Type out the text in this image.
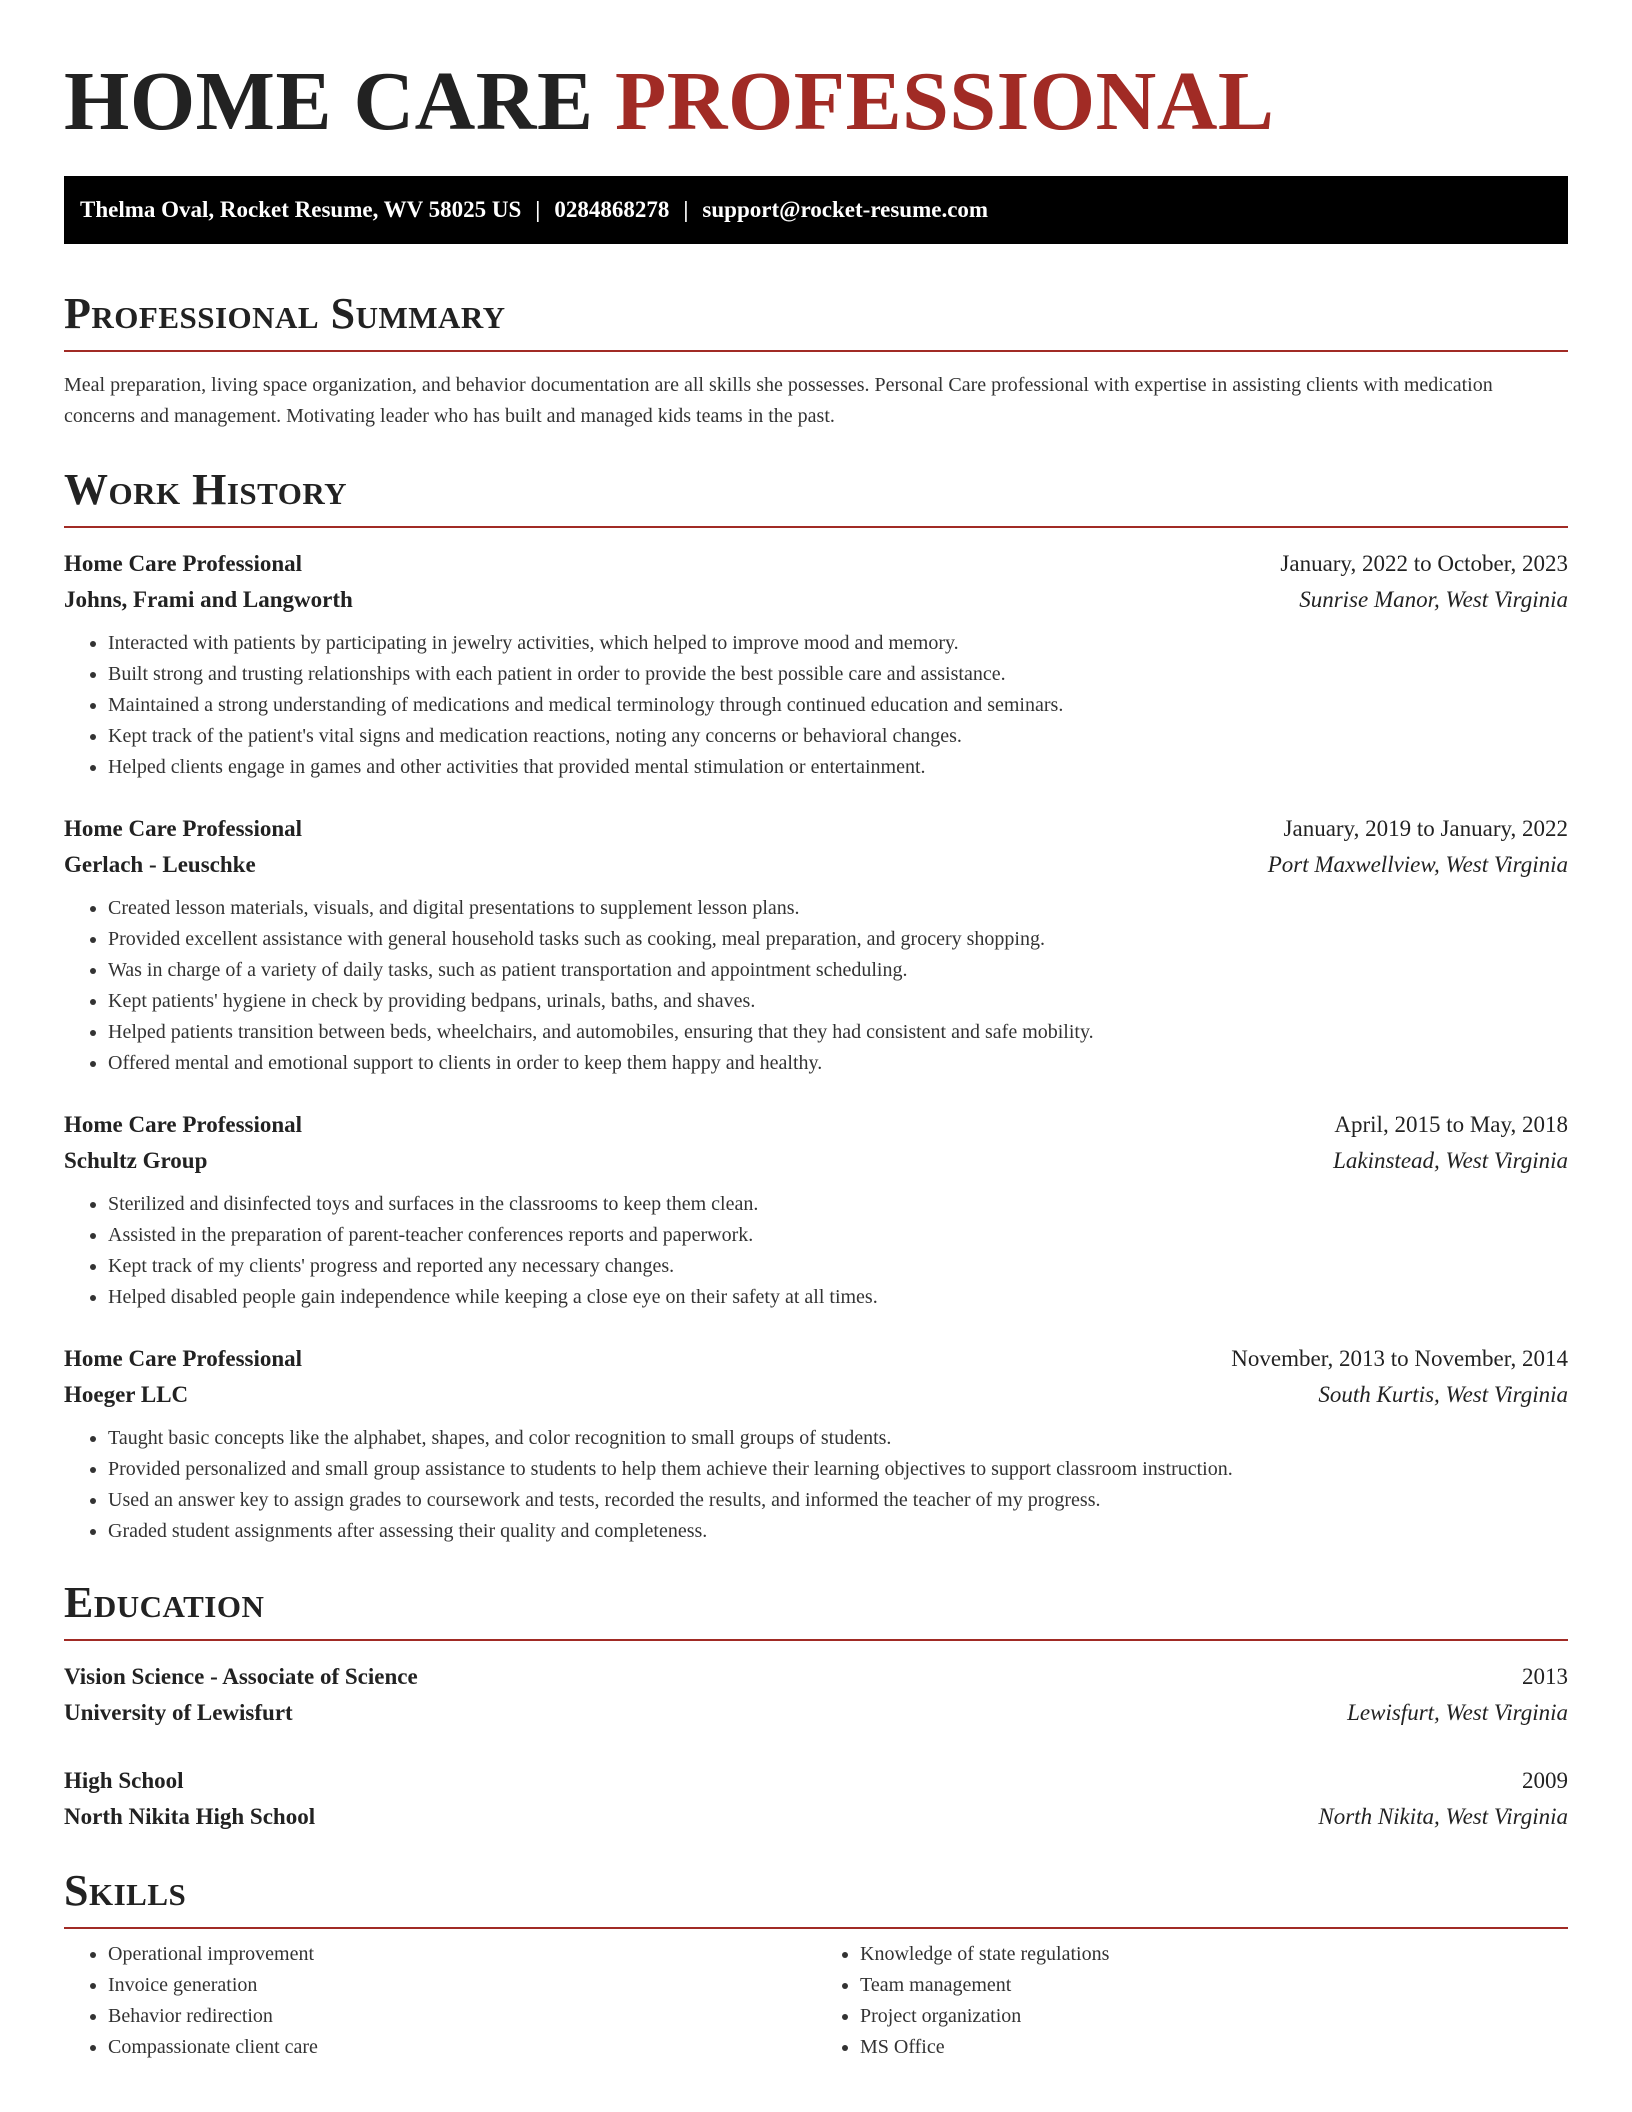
HOME CARE PROFESSIONAL
Thelma Oval, Rocket Resume, WV 58025 US | 0284868278 | support@rocket-resume.com
Professional Summary

Meal preparation, living space organization, and behavior documentation are all skills she possesses. Personal Care professional with expertise in assisting clients with medication concerns and management. Motivating leader who has built and managed kids teams in the past.

Work History
Home Care Professional	January, 2022 to October, 2023
Johns, Frami and Langworth	Sunrise Manor, West Virginia
• Interacted with patients by participating in jewelry activities, which helped to improve mood and memory.
• Built strong and trusting relationships with each patient in order to provide the best possible care and assistance.
• Maintained a strong understanding of medications and medical terminology through continued education and seminars.
• Kept track of the patient's vital signs and medication reactions, noting any concerns or behavioral changes.
• Helped clients engage in games and other activities that provided mental stimulation or entertainment.
Home Care Professional	January, 2019 to January, 2022
Gerlach - Leuschke	Port Maxwellview, West Virginia
• Created lesson materials, visuals, and digital presentations to supplement lesson plans.
• Provided excellent assistance with general household tasks such as cooking, meal preparation, and grocery shopping.
• Was in charge of a variety of daily tasks, such as patient transportation and appointment scheduling.
• Kept patients' hygiene in check by providing bedpans, urinals, baths, and shaves.
• Helped patients transition between beds, wheelchairs, and automobiles, ensuring that they had consistent and safe mobility.
• Offered mental and emotional support to clients in order to keep them happy and healthy.
Home Care Professional	April, 2015 to May, 2018
Schultz Group	Lakinstead, West Virginia
• Sterilized and disinfected toys and surfaces in the classrooms to keep them clean.
• Assisted in the preparation of parent-teacher conferences reports and paperwork.
• Kept track of my clients' progress and reported any necessary changes.
• Helped disabled people gain independence while keeping a close eye on their safety at all times.
Home Care Professional	November, 2013 to November, 2014
Hoeger LLC	South Kurtis, West Virginia
• Taught basic concepts like the alphabet, shapes, and color recognition to small groups of students.
• Provided personalized and small group assistance to students to help them achieve their learning objectives to support classroom instruction.
• Used an answer key to assign grades to coursework and tests, recorded the results, and informed the teacher of my progress.
• Graded student assignments after assessing their quality and completeness.
Education
Vision Science - Associate of Science	2013
University of Lewisfurt	Lewisfurt, West Virginia
High School	2009
North Nikita High School	North Nikita, West Virginia
Skills
• Operational improvement
• Invoice generation
• Behavior redirection
• Compassionate client care
• Knowledge of state regulations
• Team management
• Project organization
• MS Office
